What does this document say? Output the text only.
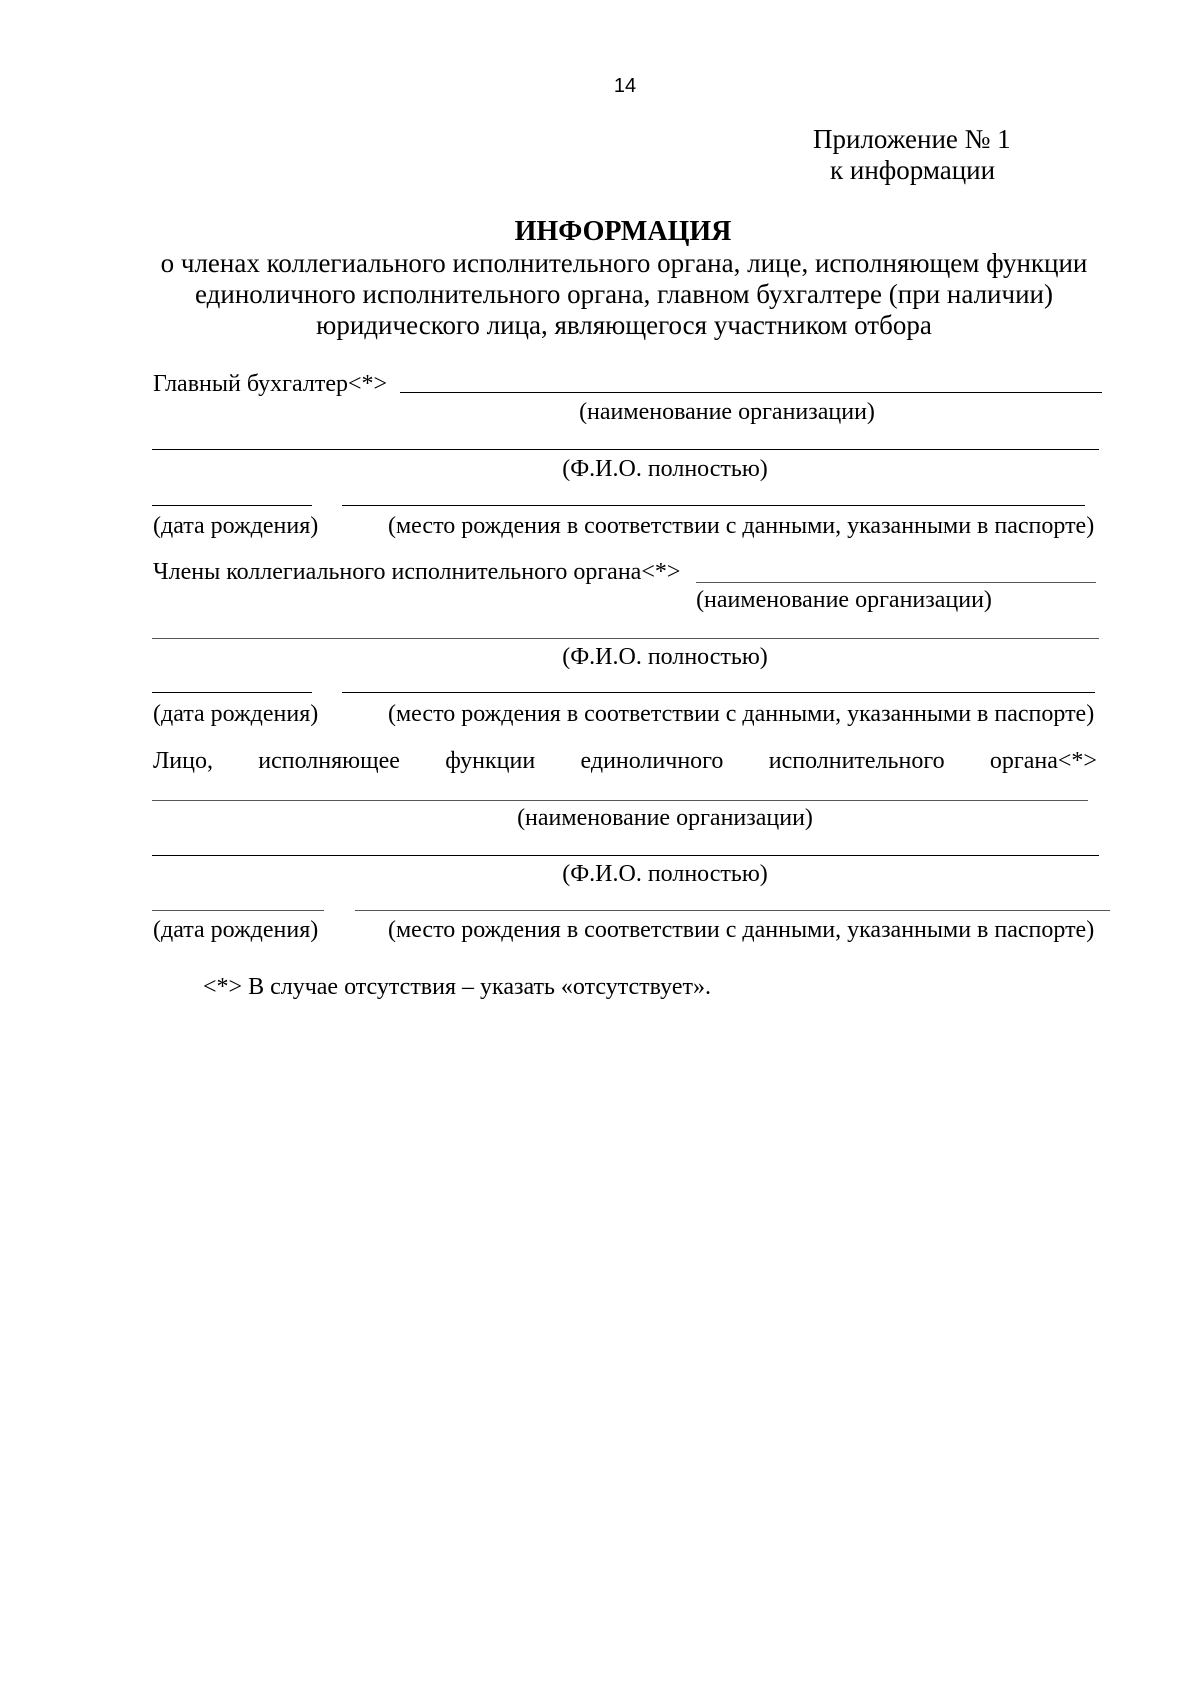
14
Приложение № 1
к информации
ИНФОРМАЦИЯ
о членах коллегиального исполнительного органа, лице, исполняющем функции
единоличного исполнительного органа, главном бухгалтере (при наличии)
юридического лица, являющегося участником отбора
Главный бухгалтер<*>
(наименование организации)
(Ф.И.О. полностью)
(дата рождения)	(место рождения в соответствии с данными, указанными в паспорте)
Члены коллегиального исполнительного органа<*>
(наименование организации)
(Ф.И.О. полностью)
(дата рождения)	(место рождения в соответствии с данными, указанными в паспорте)
Лицо, исполняющее функции единоличного исполнительного органа<*>
(наименование организации)
(Ф.И.О. полностью)
(дата рождения)	(место рождения в соответствии с данными, указанными в паспорте)
<*> В случае отсутствия – указать «отсутствует».
